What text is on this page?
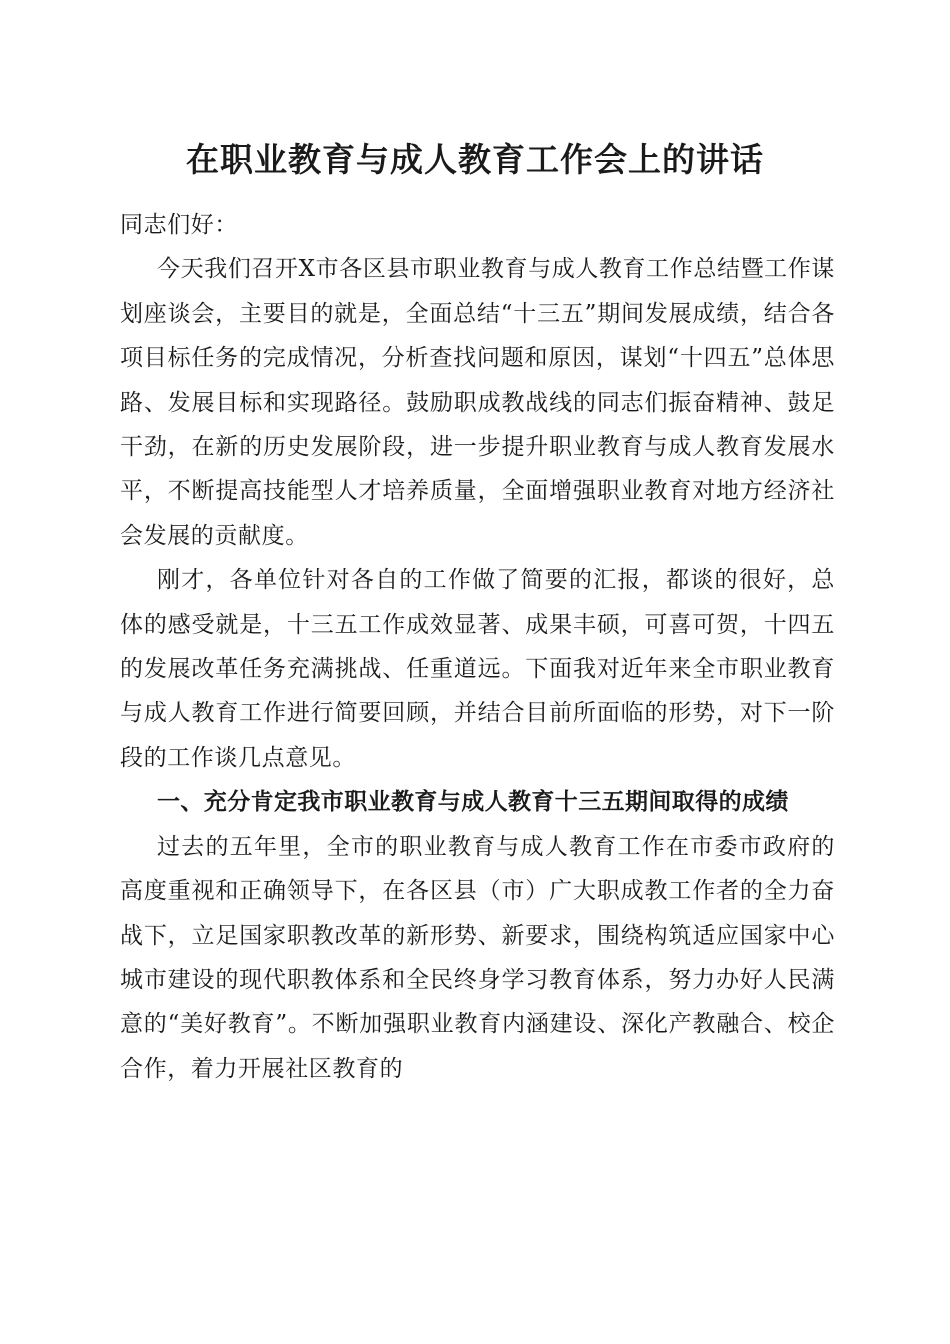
在职业教育与成人教育工作会上的讲话

同志们好：

今天我们召开X市各区县市职业教育与成人教育工作总结暨工作谋划座谈会，主要目的就是，全面总结“十三五”期间发展成绩，结合各项目标任务的完成情况，分析查找问题和原因，谋划“十四五”总体思路、发展目标和实现路径。鼓励职成教战线的同志们振奋精神、鼓足干劲，在新的历史发展阶段，进一步提升职业教育与成人教育发展水平，不断提高技能型人才培养质量，全面增强职业教育对地方经济社会发展的贡献度。

刚才，各单位针对各自的工作做了简要的汇报，都谈的很好，总体的感受就是，十三五工作成效显著、成果丰硕，可喜可贺，十四五的发展改革任务充满挑战、任重道远。下面我对近年来全市职业教育与成人教育工作进行简要回顾，并结合目前所面临的形势，对下一阶段的工作谈几点意见。

一、充分肯定我市职业教育与成人教育十三五期间取得的成绩

过去的五年里，全市的职业教育与成人教育工作在市委市政府的高度重视和正确领导下，在各区县（市）广大职成教工作者的全力奋战下，立足国家职教改革的新形势、新要求，围绕构筑适应国家中心城市建设的现代职教体系和全民终身学习教育体系，努力办好人民满意的“美好教育”。不断加强职业教育内涵建设、深化产教融合、校企合作，着力开展社区教育的
